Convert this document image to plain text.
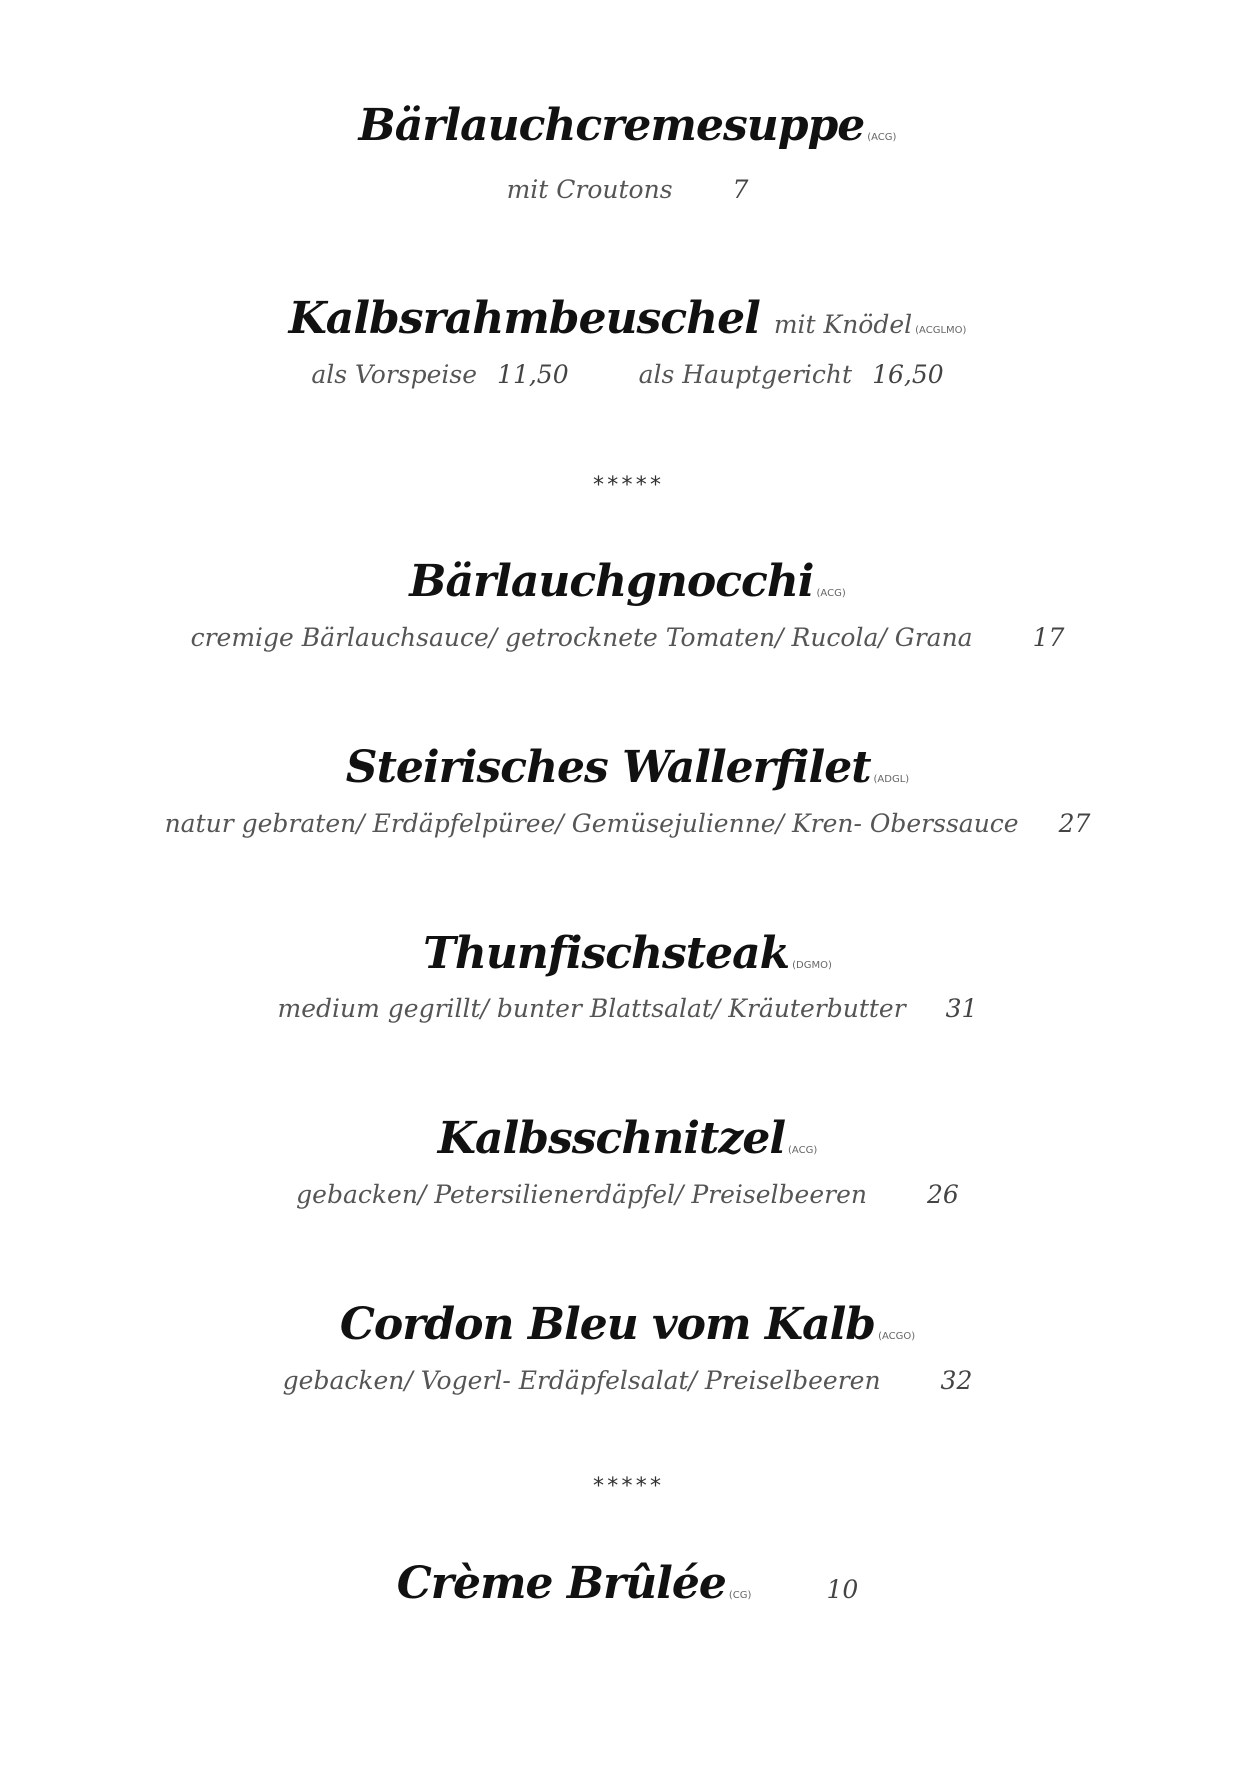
Bärlauchcremesuppe (ACG)
mit Croutons 7
Kalbsrahmbeuschel mit Knödel (ACGLMO)
als Vorspeise 11,50	als Hauptgericht 16,50
*****
Bärlauchgnocchi (ACG)
cremige Bärlauchsauce/ getrocknete Tomaten/ Rucola/ Grana 17
Steirisches Wallerfilet (ADGL)
natur gebraten/ Erdäpfelpüree/ Gemüsejulienne/ Kren- Oberssauce 27
Thunfischsteak (DGMO)
medium gegrillt/ bunter Blattsalat/ Kräuterbutter 31
Kalbsschnitzel (ACG)
gebacken/ Petersilienerdäpfel/ Preiselbeeren 26
Cordon Bleu vom Kalb (ACGO)
gebacken/ Vogerl- Erdäpfelsalat/ Preiselbeeren 32
*****
Crème Brûlée (CG)	10
